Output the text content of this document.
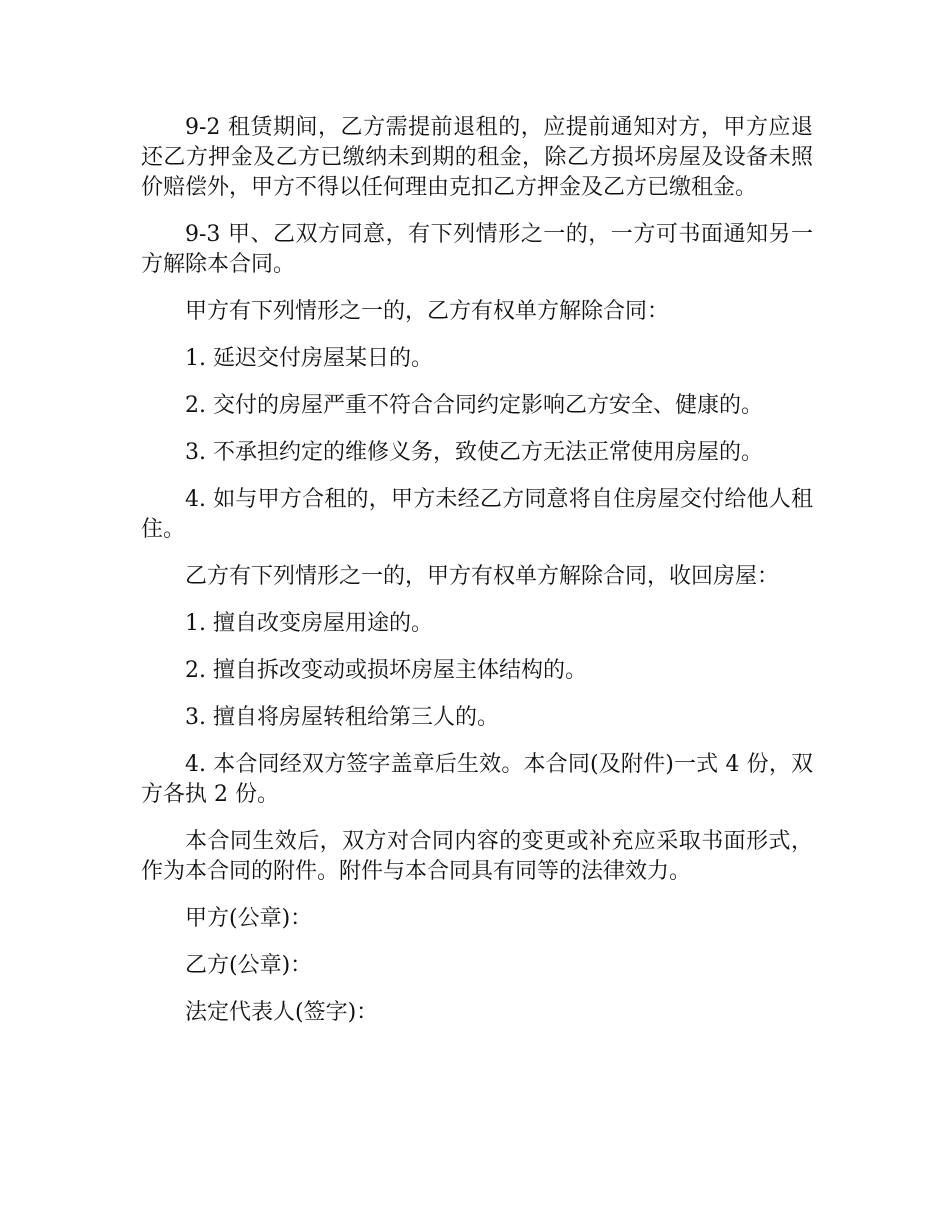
9-2 租赁期间，乙方需提前退租的，应提前通知对方，甲方应退还乙方押金及乙方已缴纳未到期的租金，除乙方损坏房屋及设备未照价赔偿外，甲方不得以任何理由克扣乙方押金及乙方已缴租金。

9-3 甲、乙双方同意，有下列情形之一的，一方可书面通知另一方解除本合同。

甲方有下列情形之一的，乙方有权单方解除合同：

1. 延迟交付房屋某日的。

2. 交付的房屋严重不符合合同约定影响乙方安全、健康的。

3. 不承担约定的维修义务，致使乙方无法正常使用房屋的。

4. 如与甲方合租的，甲方未经乙方同意将自住房屋交付给他人租住。

乙方有下列情形之一的，甲方有权单方解除合同，收回房屋：

1. 擅自改变房屋用途的。

2. 擅自拆改变动或损坏房屋主体结构的。

3. 擅自将房屋转租给第三人的。

4. 本合同经双方签字盖章后生效。本合同(及附件)一式 4 份，双方各执 2 份。

本合同生效后，双方对合同内容的变更或补充应采取书面形式，作为本合同的附件。附件与本合同具有同等的法律效力。

甲方(公章)：

乙方(公章)：

法定代表人(签字)：
